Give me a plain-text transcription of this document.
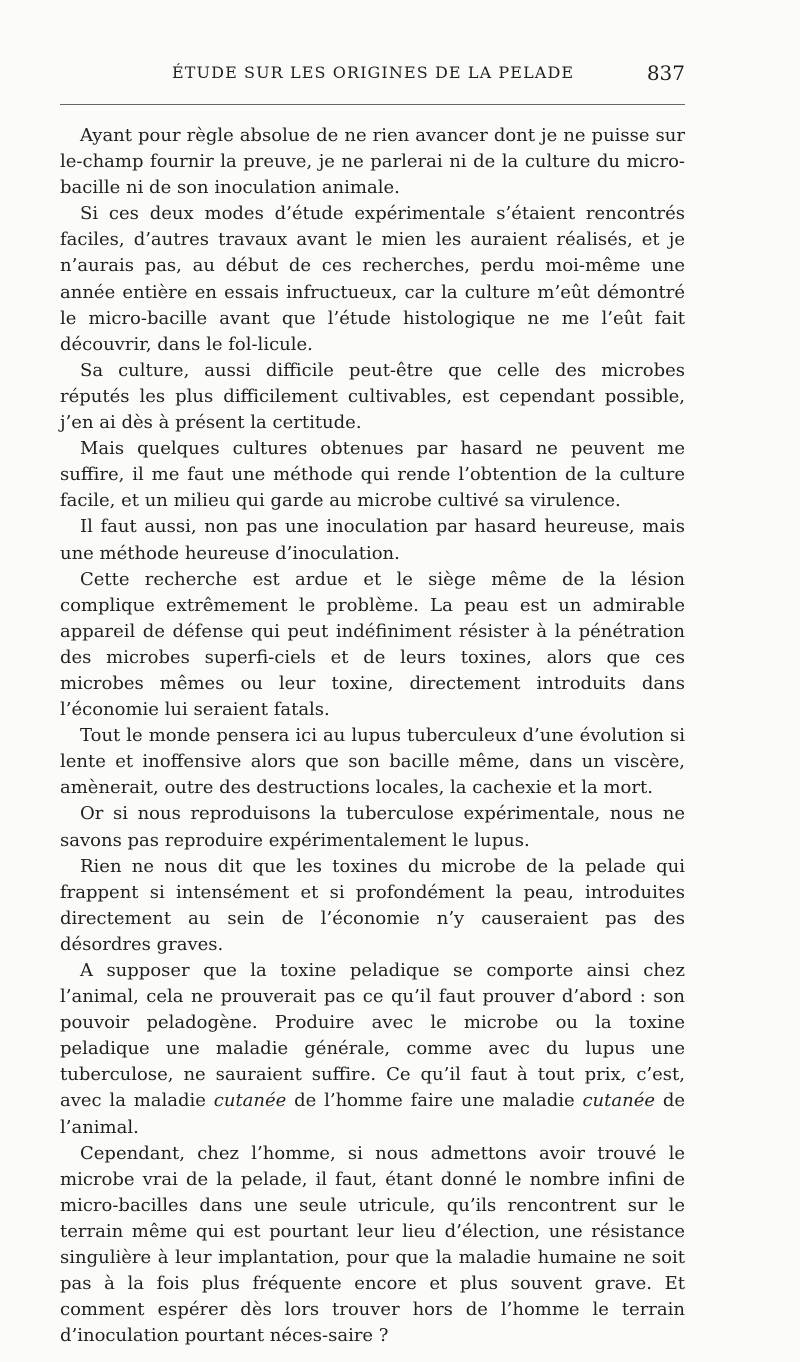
ÉTUDE SUR LES ORIGINES DE LA PELADE	837

Ayant pour règle absolue de ne rien avancer dont je ne puisse sur le-champ fournir la preuve, je ne parlerai ni de la culture du micro-bacille ni de son inoculation animale.

Si ces deux modes d’étude expérimentale s’étaient rencontrés faciles, d’autres travaux avant le mien les auraient réalisés, et je n’aurais pas, au début de ces recherches, perdu moi-même une année entière en essais infructueux, car la culture m’eût démontré le micro-bacille avant que l’étude histologique ne me l’eût fait découvrir, dans le fol-licule.

Sa culture, aussi difficile peut-être que celle des microbes réputés les plus difficilement cultivables, est cependant possible, j’en ai dès à présent la certitude.

Mais quelques cultures obtenues par hasard ne peuvent me suffire, il me faut une méthode qui rende l’obtention de la culture facile, et un milieu qui garde au microbe cultivé sa virulence.

Il faut aussi, non pas une inoculation par hasard heureuse, mais une méthode heureuse d’inoculation.

Cette recherche est ardue et le siège même de la lésion complique extrêmement le problème. La peau est un admirable appareil de défense qui peut indéfiniment résister à la pénétration des microbes superfi-ciels et de leurs toxines, alors que ces microbes mêmes ou leur toxine, directement introduits dans l’économie lui seraient fatals.

Tout le monde pensera ici au lupus tuberculeux d’une évolution si lente et inoffensive alors que son bacille même, dans un viscère, amènerait, outre des destructions locales, la cachexie et la mort.

Or si nous reproduisons la tuberculose expérimentale, nous ne savons pas reproduire expérimentalement le lupus.

Rien ne nous dit que les toxines du microbe de la pelade qui frappent si intensément et si profondément la peau, introduites directement au sein de l’économie n’y causeraient pas des désordres graves.

A supposer que la toxine peladique se comporte ainsi chez l’animal, cela ne prouverait pas ce qu’il faut prouver d’abord : son pouvoir peladogène. Produire avec le microbe ou la toxine peladique une maladie générale, comme avec du lupus une tuberculose, ne sauraient suffire. Ce qu’il faut à tout prix, c’est, avec la maladie cutanée de l’homme faire une maladie cutanée de l’animal.

Cependant, chez l’homme, si nous admettons avoir trouvé le microbe vrai de la pelade, il faut, étant donné le nombre infini de micro-bacilles dans une seule utricule, qu’ils rencontrent sur le terrain même qui est pourtant leur lieu d’élection, une résistance singulière à leur implantation, pour que la maladie humaine ne soit pas à la fois plus fréquente encore et plus souvent grave. Et comment espérer dès lors trouver hors de l’homme le terrain d’inoculation pourtant néces-saire ?
